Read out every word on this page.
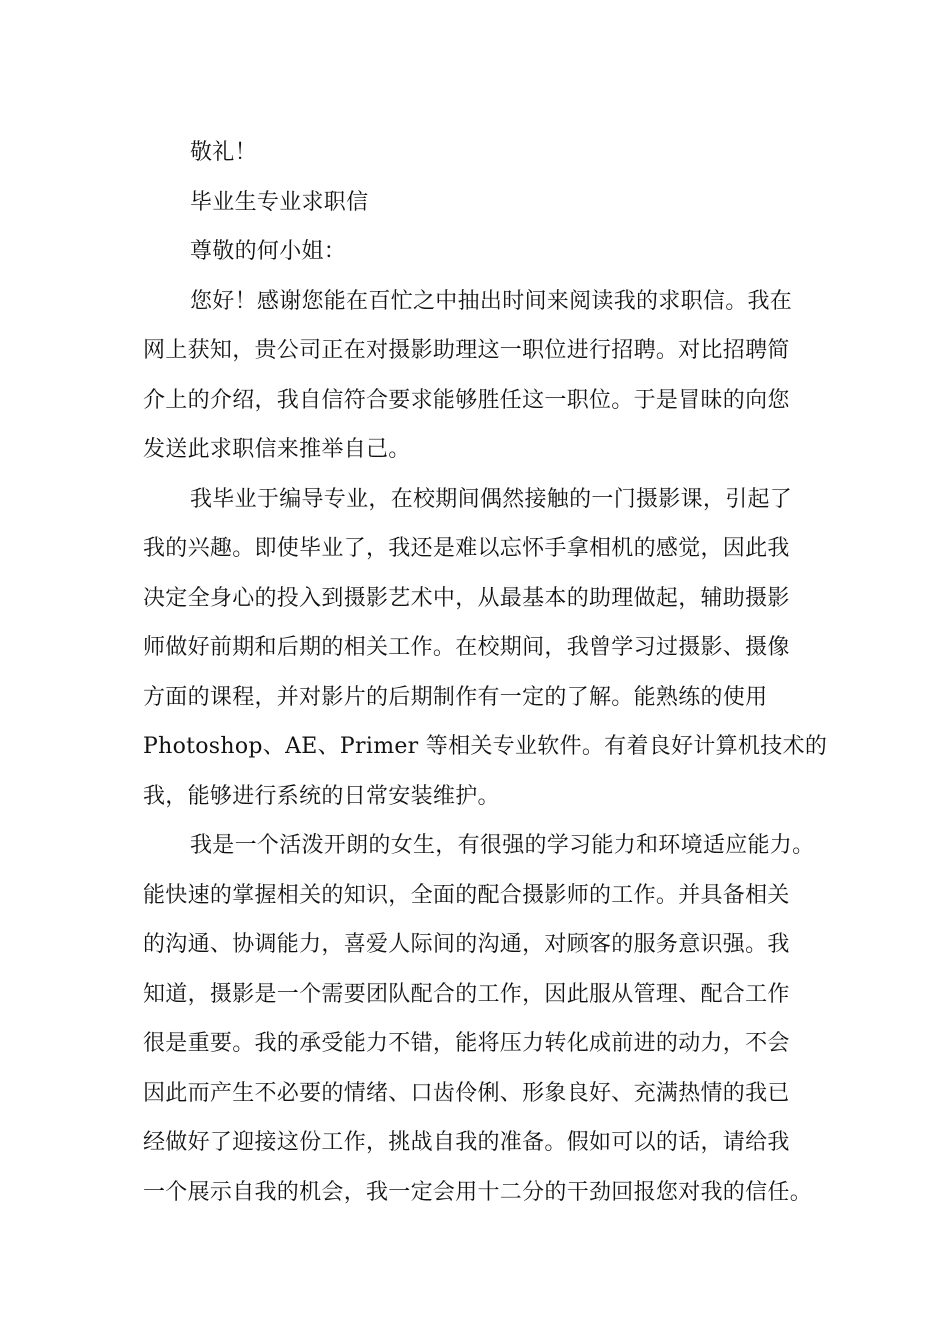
敬礼！
毕业生专业求职信
尊敬的何小姐：
您好！感谢您能在百忙之中抽出时间来阅读我的求职信。我在
网上获知，贵公司正在对摄影助理这一职位进行招聘。对比招聘简
介上的介绍，我自信符合要求能够胜任这一职位。于是冒昧的向您
发送此求职信来推举自己。
我毕业于编导专业，在校期间偶然接触的一门摄影课，引起了
我的兴趣。即使毕业了，我还是难以忘怀手拿相机的感觉，因此我
决定全身心的投入到摄影艺术中，从最基本的助理做起，辅助摄影
师做好前期和后期的相关工作。在校期间，我曾学习过摄影、摄像
方面的课程，并对影片的后期制作有一定的了解。能熟练的使用
Photoshop、AE、Primer 等相关专业软件。有着良好计算机技术的
我，能够进行系统的日常安装维护。
我是一个活泼开朗的女生，有很强的学习能力和环境适应能力。
能快速的掌握相关的知识，全面的配合摄影师的工作。并具备相关
的沟通、协调能力，喜爱人际间的沟通，对顾客的服务意识强。我
知道，摄影是一个需要团队配合的工作，因此服从管理、配合工作
很是重要。我的承受能力不错，能将压力转化成前进的动力，不会
因此而产生不必要的情绪、口齿伶俐、形象良好、充满热情的我已
经做好了迎接这份工作，挑战自我的准备。假如可以的话，请给我
一个展示自我的机会，我一定会用十二分的干劲回报您对我的信任。
